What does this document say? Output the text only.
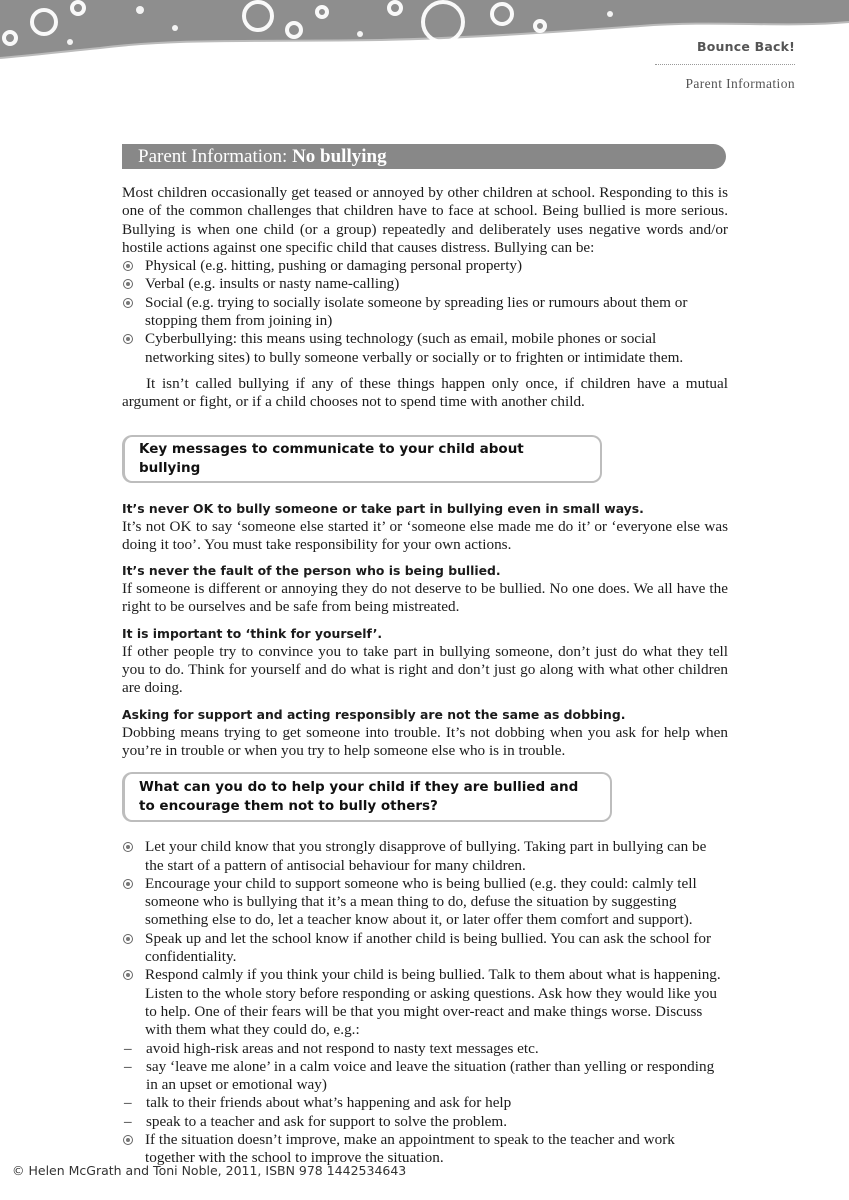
Bounce Back!
Parent Information
Parent Information: No bullying

Most children occasionally get teased or annoyed by other children at school. Responding to this is one of the common challenges that children have to face at school. Being bullied is more serious. Bullying is when one child (or a group) repeatedly and deliberately uses negative words and/or hostile actions against one specific child that causes distress. Bullying can be:

Physical (e.g. hitting, pushing or damaging personal property)
Verbal (e.g. insults or nasty name-calling)
Social (e.g. trying to socially isolate someone by spreading lies or rumours about them or stopping them from joining in)
Cyberbullying: this means using technology (such as email, mobile phones or social networking sites) to bully someone verbally or socially or to frighten or intimidate them.

It isn’t called bullying if any of these things happen only once, if children have a mutual argument or fight, or if a child chooses not to spend time with another child.

Key messages to communicate to your child about bullying

It’s never OK to bully someone or take part in bullying even in small ways.

It’s not OK to say ‘someone else started it’ or ‘someone else made me do it’ or ‘everyone else was doing it too’. You must take responsibility for your own actions.

It’s never the fault of the person who is being bullied.

If someone is different or annoying they do not deserve to be bullied. No one does. We all have the right to be ourselves and be safe from being mistreated.

It is important to ‘think for yourself’.

If other people try to convince you to take part in bullying someone, don’t just do what they tell you to do. Think for yourself and do what is right and don’t just go along with what other children are doing.

Asking for support and acting responsibly are not the same as dobbing.

Dobbing means trying to get someone into trouble. It’s not dobbing when you ask for help when you’re in trouble or when you try to help someone else who is in trouble.

What can you do to help your child if they are bullied and to encourage them not to bully others?
Let your child know that you strongly disapprove of bullying. Taking part in bullying can be the start of a pattern of antisocial behaviour for many children.
Encourage your child to support someone who is being bullied (e.g. they could: calmly tell someone who is bullying that it’s a mean thing to do, defuse the situation by suggesting something else to do, let a teacher know about it, or later offer them comfort and support).
Speak up and let the school know if another child is being bullied. You can ask the school for confidentiality.
Respond calmly if you think your child is being bullied. Talk to them about what is happening. Listen to the whole story before responding or asking questions. Ask how they would like you to help. One of their fears will be that you might over-react and make things worse. Discuss with them what they could do, e.g.:
– avoid high-risk areas and not respond to nasty text messages etc.
– say ‘leave me alone’ in a calm voice and leave the situation (rather than yelling or responding in an upset or emotional way)
– talk to their friends about what’s happening and ask for help
– speak to a teacher and ask for support to solve the problem.
If the situation doesn’t improve, make an appointment to speak to the teacher and work together with the school to improve the situation.
© Helen McGrath and Toni Noble, 2011, ISBN 978 1442534643
